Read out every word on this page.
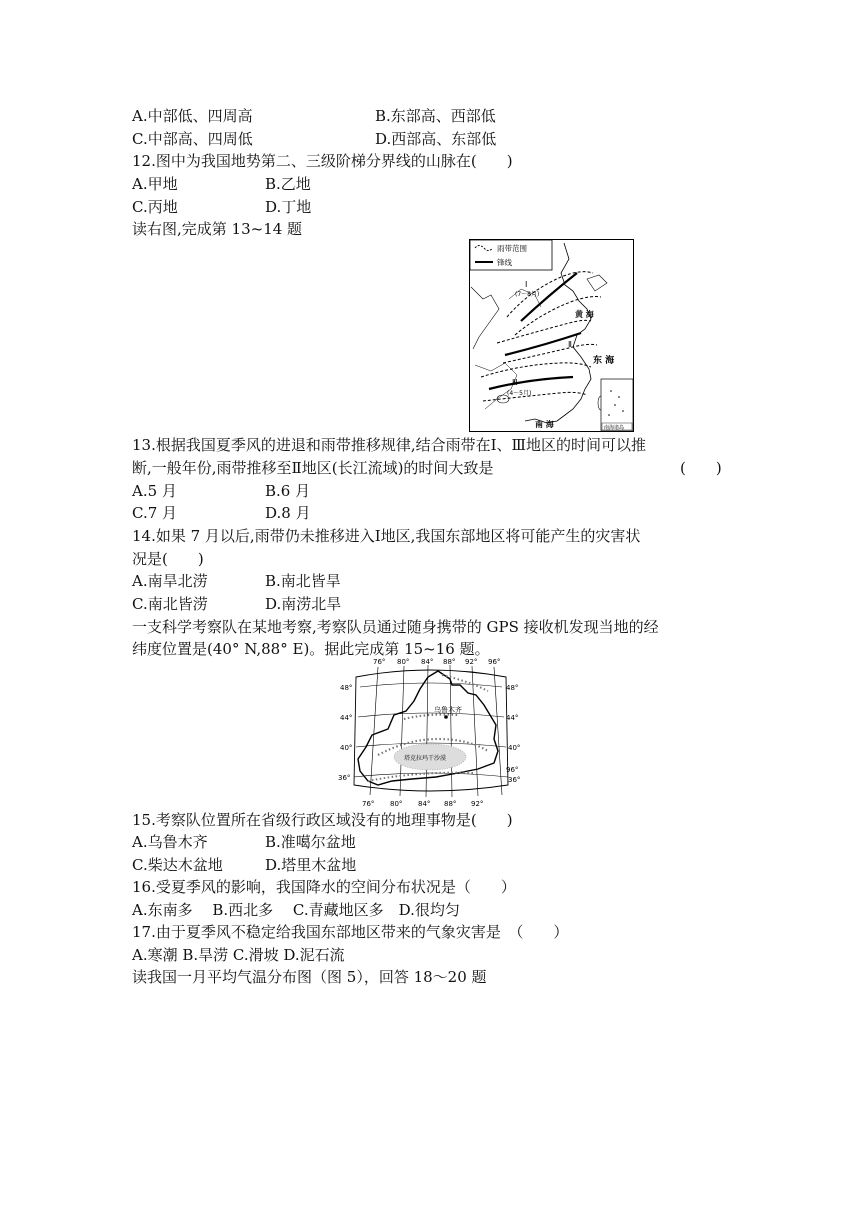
A.中部低、四周高	B.东部高、西部低
C.中部高、四周低	D.西部高、东部低
12.图中为我国地势第二、三级阶梯分界线的山脉在(　　)
A.甲地	B.乙地
C.丙地	D.丁地
读右图,完成第 13~14 题
雨带范围
锋线
Ⅰ
(7～8月)
Ⅱ
Ⅲ
(4～5月)
黄 海
东 海
南 海	南海诸岛
13.根据我国夏季风的进退和雨带推移规律,结合雨带在Ⅰ、Ⅲ地区的时间可以推
断,一般年份,雨带推移至Ⅱ地区(长江流域)的时间大致是	(　　)
A.5 月	B.6 月
C.7 月	D.8 月
14.如果 7 月以后,雨带仍未推移进入Ⅰ地区,我国东部地区将可能产生的灾害状
况是(　　)
A.南旱北涝	B.南北皆旱
C.南北皆涝	D.南涝北旱
一支科学考察队在某地考察,考察队员通过随身携带的 GPS 接收机发现当地的经
纬度位置是(40° N,88° E)。据此完成第 15~16 题。
塔克拉玛干沙漠
乌鲁木齐
76° 80° 84° 88° 92° 96°
76° 80° 84° 88° 92°
48°
44°
40°
36°
48°
44°
40°
96°
36°
15.考察队位置所在省级行政区域没有的地理事物是(　　)
A.乌鲁木齐	B.准噶尔盆地
C.柴达木盆地	D.塔里木盆地
16.受夏季风的影响，我国降水的空间分布状况是（　　）
A.东南多　 B.西北多　 C.青藏地区多　D.很均匀
17.由于夏季风不稳定给我国东部地区带来的气象灾害是　（　　）
A.寒潮 B.旱涝 C.滑坡 D.泥石流
读我国一月平均气温分布图（图 5），回答 18～20 题
